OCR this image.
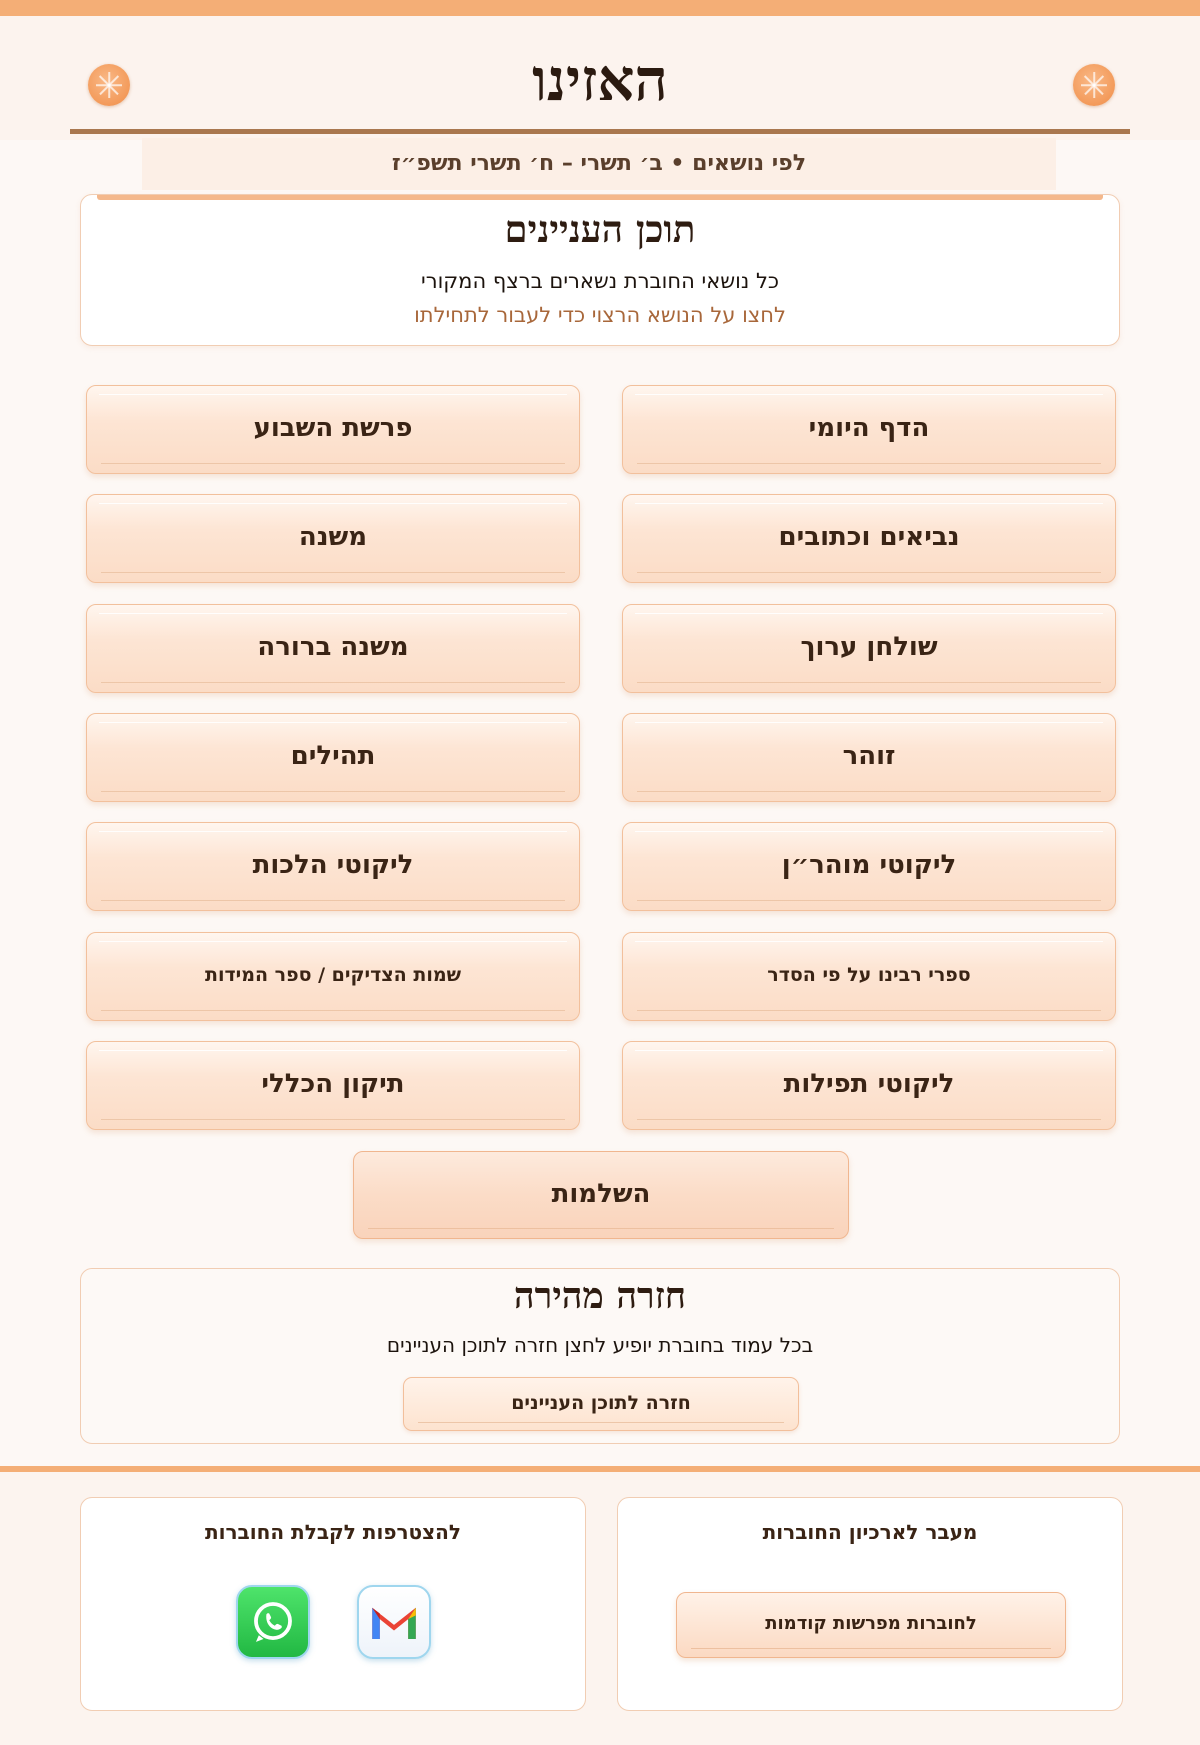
האזינו
לפי נושאים • ב׳ תשרי – ח׳ תשרי תשפ״ז
תוכן העניינים
כל נושאי החוברת נשארים ברצף המקורי
לחצו על הנושא הרצוי כדי לעבור לתחילתו
הדף היומי
פרשת השבוע
נביאים וכתובים
משנה
שולחן ערוך
משנה ברורה
זוהר
תהילים
ליקוטי מוהר״ן
ליקוטי הלכות
ספרי רבינו על פי הסדר
שמות הצדיקים / ספר המידות
ליקוטי תפילות
תיקון הכללי
השלמות
חזרה מהירה
בכל עמוד בחוברת יופיע לחצן חזרה לתוכן העניינים
חזרה לתוכן העניינים
מעבר לארכיון החוברות
לחוברות מפרשות קודמות
להצטרפות לקבלת החוברות
